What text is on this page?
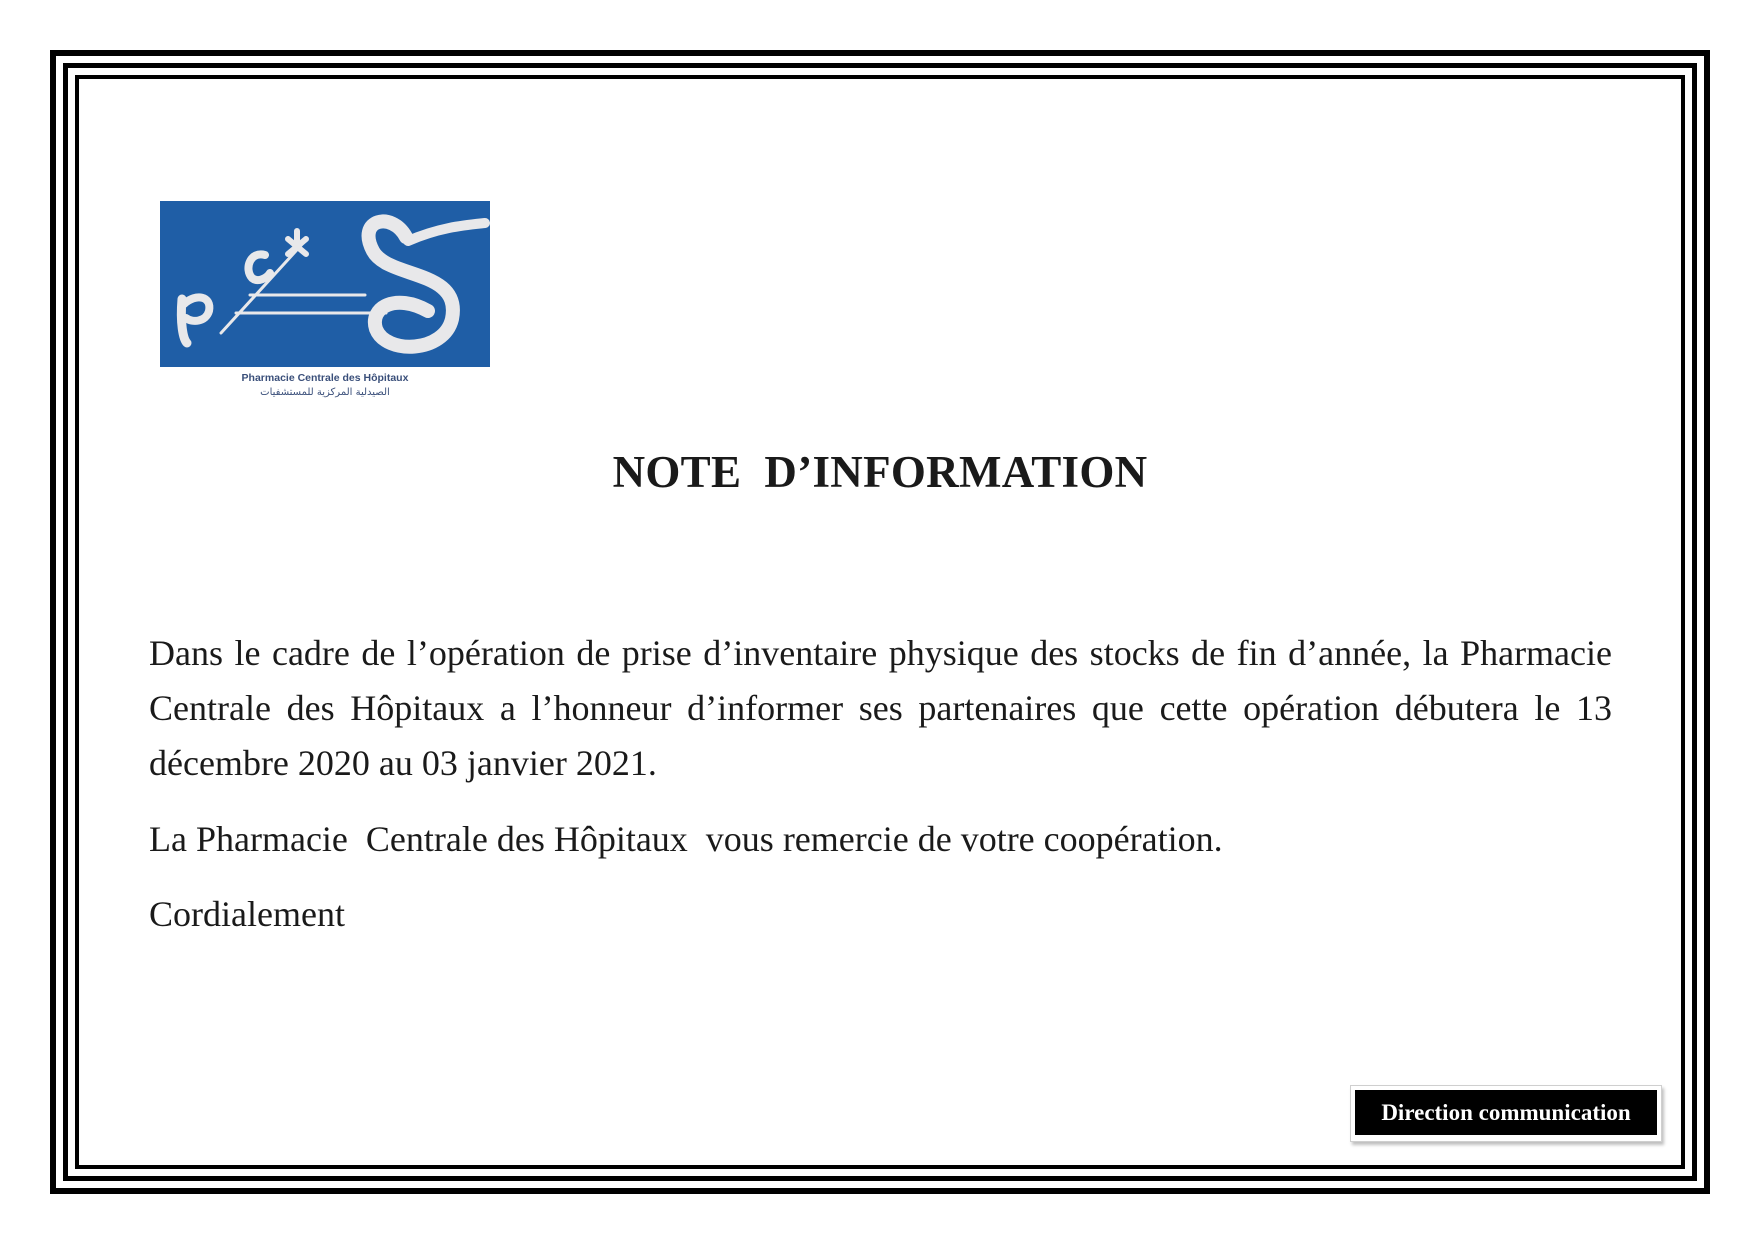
Pharmacie Centrale des Hôpitaux
الصيدلية المركزية للمستشفيات
NOTE  D’INFORMATION

Dans le cadre de l’opération de prise d’inventaire physique des stocks de fin d’année, la Pharmacie Centrale des Hôpitaux a l’honneur d’informer ses partenaires que cette opération débutera le 13 décembre 2020 au 03 janvier 2021.

La Pharmacie  Centrale des Hôpitaux  vous remercie de votre coopération.

Cordialement

Direction communication
